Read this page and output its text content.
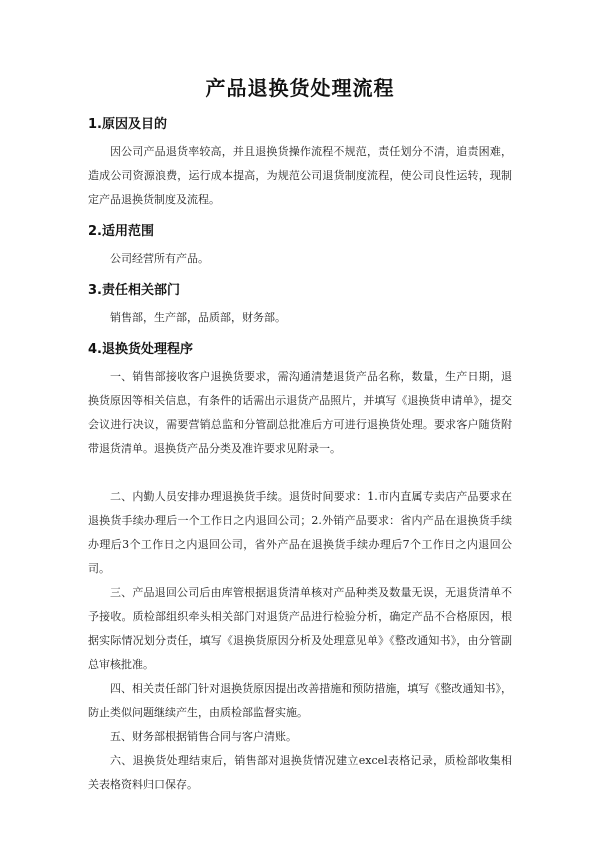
产品退换货处理流程
1.原因及目的

因公司产品退货率较高，并且退换货操作流程不规范，责任划分不清，追责困难，造成公司资源浪费，运行成本提高，为规范公司退货制度流程，使公司良性运转，现制定产品退换货制度及流程。

2.适用范围

公司经营所有产品。

3.责任相关部门

销售部，生产部，品质部，财务部。

4.退换货处理程序

一、销售部接收客户退换货要求，需沟通清楚退货产品名称，数量，生产日期，退换货原因等相关信息，有条件的话需出示退货产品照片，并填写《退换货申请单》，提交会议进行决议，需要营销总监和分管副总批准后方可进行退换货处理。要求客户随货附带退货清单。退换货产品分类及准许要求见附录一。

二、内勤人员安排办理退换货手续。退货时间要求：1.市内直属专卖店产品要求在退换货手续办理后一个工作日之内退回公司；2.外销产品要求：省内产品在退换货手续办理后3个工作日之内退回公司，省外产品在退换货手续办理后7个工作日之内退回公司。

三、产品退回公司后由库管根据退货清单核对产品种类及数量无误，无退货清单不予接收。质检部组织牵头相关部门对退货产品进行检验分析，确定产品不合格原因，根据实际情况划分责任，填写《退换货原因分析及处理意见单》《整改通知书》，由分管副总审核批准。

四、相关责任部门针对退换货原因提出改善措施和预防措施，填写《整改通知书》，防止类似问题继续产生，由质检部监督实施。

五、财务部根据销售合同与客户清账。

六、退换货处理结束后，销售部对退换货情况建立excel表格记录，质检部收集相关表格资料归口保存。
